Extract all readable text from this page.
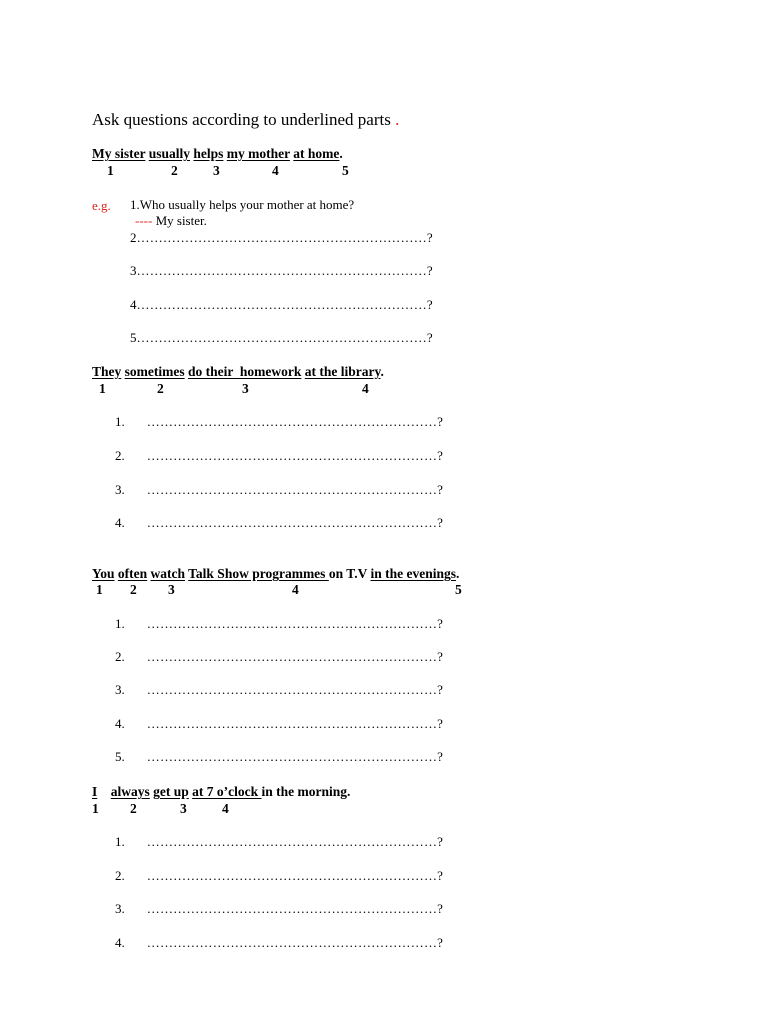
Ask questions according to underlined parts .
My sister usually helps my mother at home.
1	2	3	4	5
e.g. 1.Who usually helps your mother at home?
---- My sister.
2…………………………………………………………?
3…………………………………………………………?
4…………………………………………………………?
5…………………………………………………………?
They sometimes do their  homework at the library.
1	2	3	4
1. …………………………………………………………?
2. …………………………………………………………?
3. …………………………………………………………?
4. …………………………………………………………?
You often watch Talk Show programmes on T.V in the evenings.
1 2 3	4	5
1. …………………………………………………………?
2. …………………………………………………………?
3. …………………………………………………………?
4. …………………………………………………………?
5. …………………………………………………………?
I always get up at 7 o’clock in the morning.
1 2	3	4
1. …………………………………………………………?
2. …………………………………………………………?
3. …………………………………………………………?
4. …………………………………………………………?
